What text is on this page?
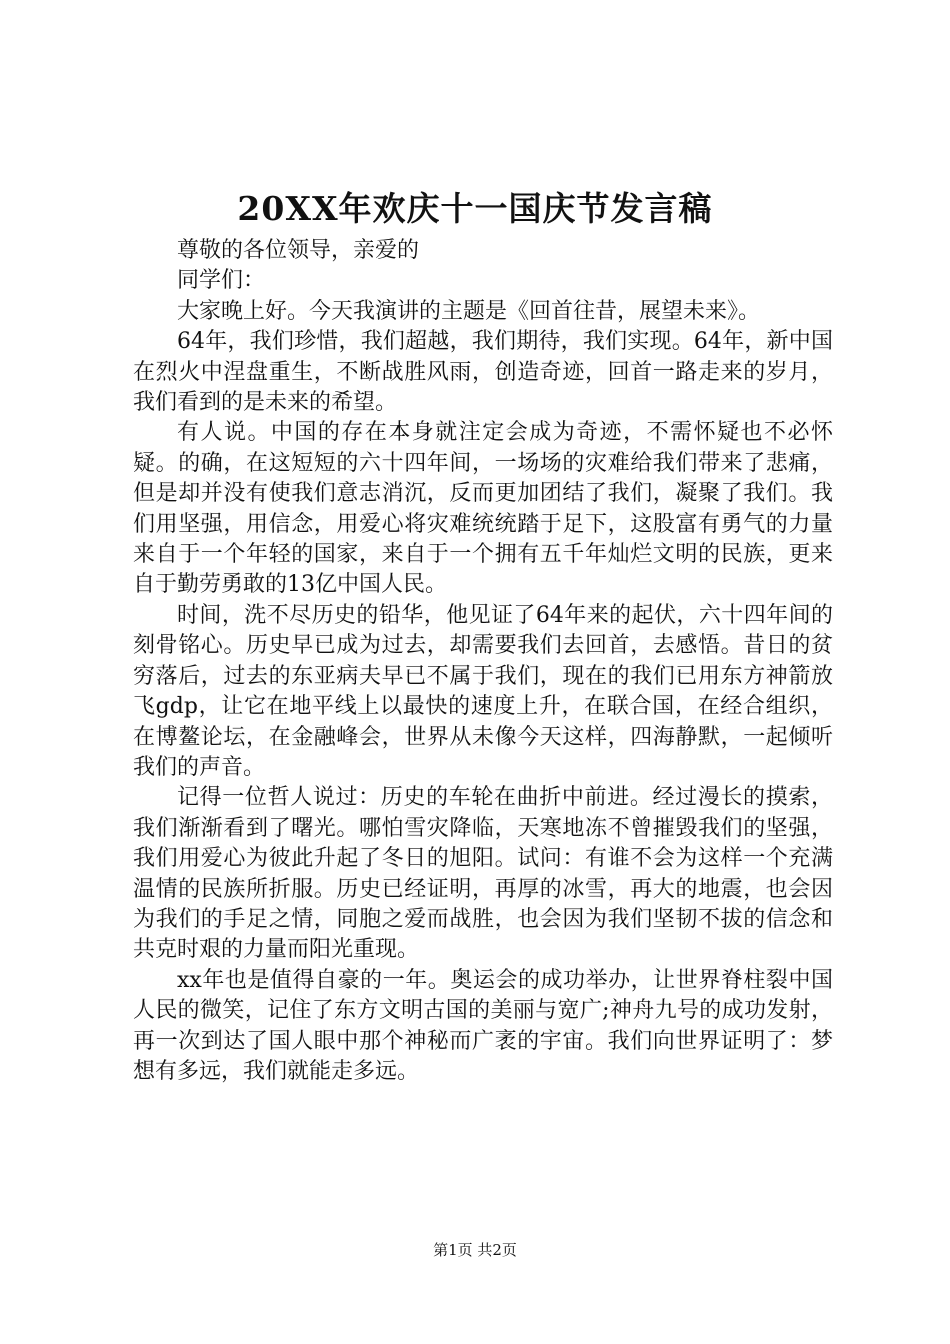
20XX年欢庆十一国庆节发言稿

尊敬的各位领导，亲爱的

同学们：

大家晚上好。今天我演讲的主题是《回首往昔，展望未来》。

64年，我们珍惜，我们超越，我们期待，我们实现。64年，新中国在烈火中涅盘重生，不断战胜风雨，创造奇迹，回首一路走来的岁月，我们看到的是未来的希望。

有人说。中国的存在本身就注定会成为奇迹，不需怀疑也不必怀疑。的确，在这短短的六十四年间，一场场的灾难给我们带来了悲痛，但是却并没有使我们意志消沉，反而更加团结了我们，凝聚了我们。我们用坚强，用信念，用爱心将灾难统统踏于足下，这股富有勇气的力量来自于一个年轻的国家，来自于一个拥有五千年灿烂文明的民族，更来自于勤劳勇敢的13亿中国人民。

时间，洗不尽历史的铅华，他见证了64年来的起伏，六十四年间的刻骨铭心。历史早已成为过去，却需要我们去回首，去感悟。昔日的贫穷落后，过去的东亚病夫早已不属于我们，现在的我们已用东方神箭放飞gdp，让它在地平线上以最快的速度上升，在联合国，在经合组织，在博鳌论坛，在金融峰会，世界从未像今天这样，四海静默，一起倾听我们的声音。

记得一位哲人说过：历史的车轮在曲折中前进。经过漫长的摸索，我们渐渐看到了曙光。哪怕雪灾降临，天寒地冻不曾摧毁我们的坚强，我们用爱心为彼此升起了冬日的旭阳。试问：有谁不会为这样一个充满温情的民族所折服。历史已经证明，再厚的冰雪，再大的地震，也会因为我们的手足之情，同胞之爱而战胜，也会因为我们坚韧不拔的信念和共克时艰的力量而阳光重现。

xx年也是值得自豪的一年。奥运会的成功举办，让世界脊柱裂中国人民的微笑，记住了东方文明古国的美丽与宽广;神舟九号的成功发射，再一次到达了国人眼中那个神秘而广袤的宇宙。我们向世界证明了：梦想有多远，我们就能走多远。

第1页 共2页
